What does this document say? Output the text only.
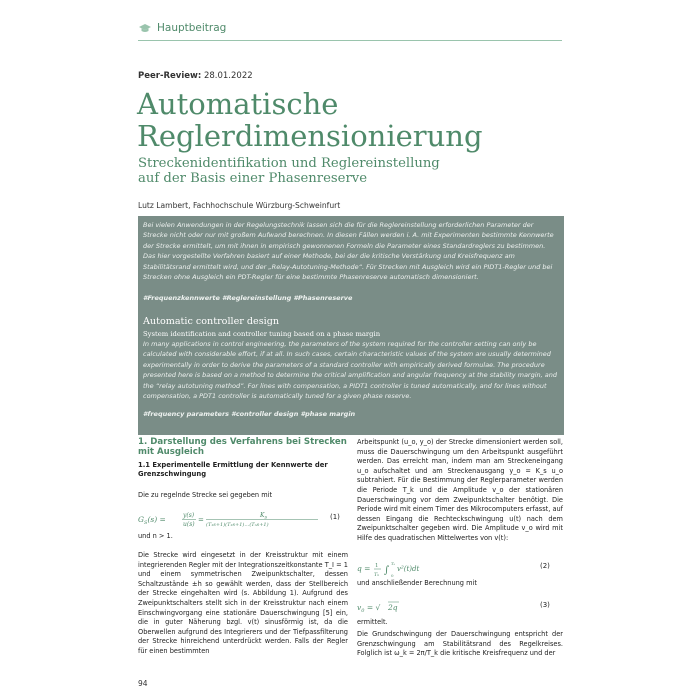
Hauptbeitrag
Peer-Review: 28.01.2022
Automatische
Reglerdimensionierung
Streckenidentifikation und Reglereinstellung
auf der Basis einer Phasenreserve
Lutz Lambert, Fachhochschule Würzburg-Schweinfurt
Bei vielen Anwendungen in der Regelungstechnik lassen sich die für die Reglereinstellung erforderlichen Parameter der Strecke nicht oder nur mit großem Aufwand berechnen. In diesen Fällen werden i. A. mit Experimenten bestimmte Kennwerte der Strecke ermittelt, um mit ihnen in empirisch gewonnenen Formeln die Parameter eines Standardreglers zu bestimmen. Das hier vorgestellte Verfahren basiert auf einer Methode, bei der die kritische Verstärkung und Kreisfrequenz am Stabilitätsrand ermittelt wird, und der „Relay-Autotuning-Methode“. Für Strecken mit Ausgleich wird ein PIDT1-Regler und bei Strecken ohne Ausgleich ein PDT-Regler für eine bestimmte Phasenreserve automatisch dimensioniert.
#Frequenzkennwerte #Reglereinstellung #Phasenreserve
Automatic controller design
System identification and controller tuning based on a phase margin
In many applications in control engineering, the parameters of the system required for the controller setting can only be calculated with considerable effort, if at all. In such cases, certain characteristic values of the system are usually determined experimentally in order to derive the parameters of a standard controller with empirically derived formulae. The procedure presented here is based on a method to determine the critical amplification and angular frequency at the stability margin, and the “relay autotuning method”. For lines with compensation, a PIDT1 controller is tuned automatically, and for lines without compensation, a PDT1 controller is automatically tuned for a given phase reserve.
#frequency parameters #controller design #phase margin
1. Darstellung des Verfahrens bei Strecken mit Ausgleich
1.1 Experimentelle Ermittlung der Kennwerte der Grenzschwingung
Die zu regelnde Strecke sei gegeben mit
$G_S(s)$ =	y(s)
u(s)
=
$K_S$
(T₁s+1)(T₂s+1)…(Tₙs+1)
(1)
und n > 1.
Die Strecke wird eingesetzt in der Kreisstruktur mit einem integrierenden Regler mit der Integrationszeitkonstante T_I = 1 und einem symmetrischen Zweipunktschalter, dessen Schaltzustände ±h so gewählt werden, dass der Stellbereich der Strecke eingehalten wird (s. Abbildung 1). Aufgrund des Zweipunktschalters stellt sich in der Kreisstruktur nach einem Einschwingvorgang eine stationäre Dauerschwingung [5] ein, die in guter Näherung bzgl. v(t) sinusförmig ist, da die Oberwellen aufgrund des Integrierers und der Tiefpassfilterung der Strecke hinreichend unterdrückt werden. Falls der Regler für einen bestimmten
Arbeitspunkt (u_o, y_o) der Strecke dimensioniert werden soll, muss die Dauerschwingung um den Arbeitspunkt ausgeführt werden. Das erreicht man, indem man am Streckeneingang u_o aufschaltet und am Streckenausgang y_o = K_s u_o subtrahiert. Für die Bestimmung der Reglerparameter werden die Periode T_k und die Amplitude v_o der stationären Dauerschwingung vor dem Zweipunktschalter benötigt. Die Periode wird mit einem Timer des Mikrocomputers erfasst, auf dessen Eingang die Rechteckschwingung u(t) nach dem Zweipunktschalter gegeben wird. Die Amplitude v_o wird mit Hilfe des quadratischen Mittelwertes von v(t):
q = 1
Tₖ ∫
Tₖ
0
v²(t)dt	(2)
und anschließender Berechnung mit
$v_0$ = √ 2q	(3)
ermittelt.
Die Grundschwingung der Dauerschwingung entspricht der Grenzschwingung am Stabilitätsrand des Regelkreises. Folglich ist ω_k = 2π/T_k die kritische Kreisfrequenz und der
94
